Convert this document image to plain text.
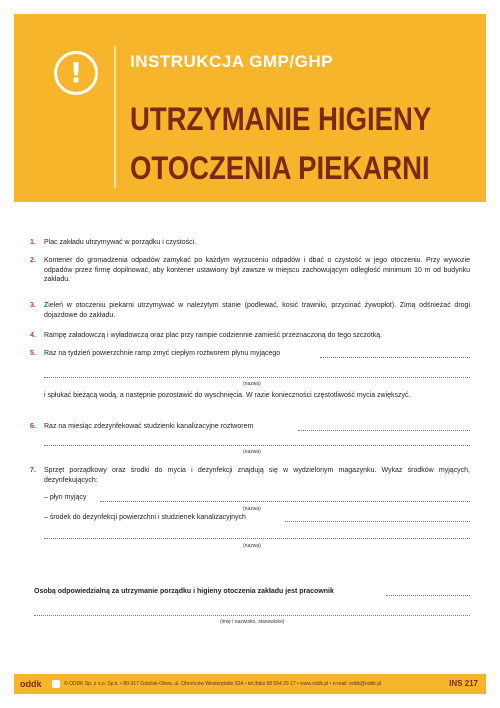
!	INSTRUKCJA GMP/GHP
UTRZYMANIE HIGIENY
OTOCZENIA PIEKARNI
1. Plac zakładu utrzymywać w porządku i czystości.
2. Kontener do gromadzenia odpadów zamykać po każdym wyrzuceniu odpadów i dbać o czystość w jego otoczeniu. Przy wywozie odpadów przez firmę dopilnować, aby kontener ustawiony był zawsze w miejscu zachowującym odległość minimum 10 m od budynku zakładu.
3. Zieleń w otoczeniu piekarni utrzymywać w należytym stanie (podlewać, kosić trawniki, przycinać żywopłot). Zimą odśnieżać drogi dojazdowe do zakładu.
4. Rampę załadowczą i wyładowczą oraz plac przy rampie codziennie zamieść przeznaczoną do tego szczotką.
5. Raz na tydzień powierzchnie ramp zmyć ciepłym roztworem płynu myjącego
(nazwa)
i spłukać bieżącą wodą, a następnie pozostawić do wyschnięcia. W razie konieczności częstotliwość mycia zwiększyć.
6. Raz na miesiąc zdezynfekować studzienki kanalizacyjne roztworem
(nazwa)
7. Sprzęt porządkowy oraz środki do mycia i dezynfekcji znajdują się w wydzielonym magazynku. Wykaz środków myjących, dezynfekujących:
– płyn myjący
(nazwa)
– środek do dezynfekcji powierzchni i studzienek kanalizacyjnych
(nazwa)
Osobą odpowiedzialną za utrzymanie porządku i higieny otoczenia zakładu jest pracownik
(imię i nazwisko, stanowisko)
oddk	© ODDK Sp. z o.o. Sp.k. • 80-317 Gdańsk-Oliwa, ul. Obrońców Westerplatte 32A • tel./faks 58 554 29 17 • www.oddk.pl • e-mail: oddk@oddk.pl	INS 217
